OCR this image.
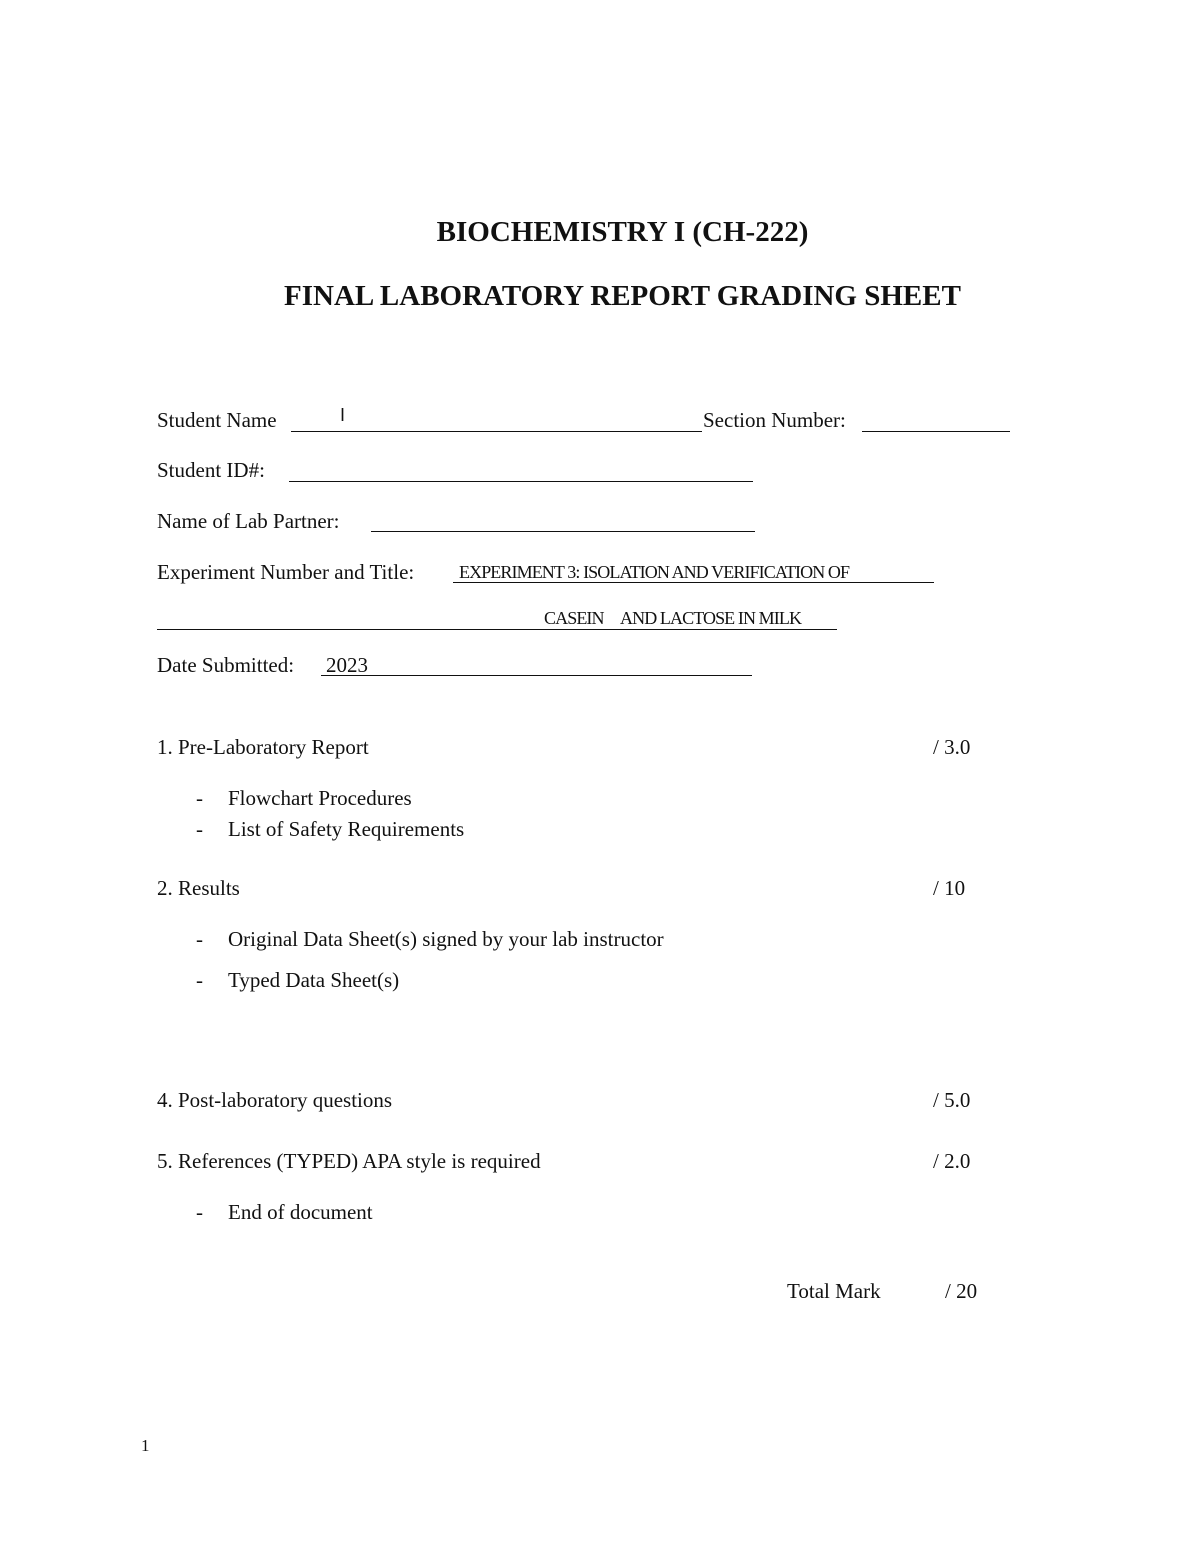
BIOCHEMISTRY I (CH-222)
FINAL LABORATORY REPORT GRADING SHEET
Student Name	I	Section Number:
Student ID#:
Name of Lab Partner:
Experiment Number and Title: EXPERIMENT 3: ISOLATION AND VERIFICATION OF
CASEIN AND LACTOSE IN MILK
Date Submitted: 2023
1. Pre-Laboratory Report	/ 3.0
- Flowchart Procedures
- List of Safety Requirements
2. Results	/ 10
- Original Data Sheet(s) signed by your lab instructor
- Typed Data Sheet(s)
4. Post-laboratory questions	/ 5.0
5. References (TYPED) APA style is required	/ 2.0
- End of document
Total Mark	/ 20
1
